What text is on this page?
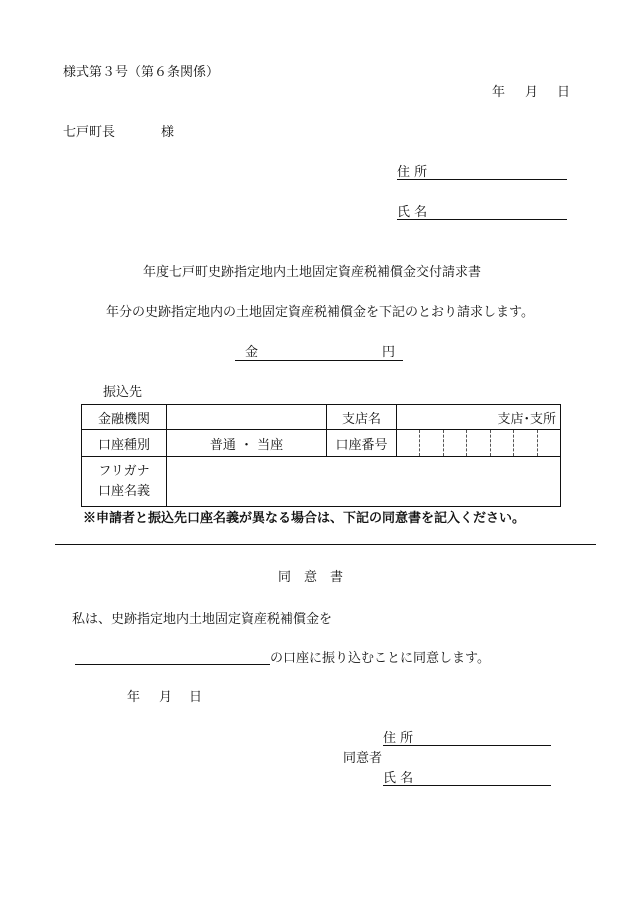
様式第３号（第６条関係）
年 月 日
七戸町長	様
住 所
氏 名
年度七戸町史跡指定地内土地固定資産税補償金交付請求書
年分の史跡指定地内の土地固定資産税補償金を下記のとおり請求します。
金	円
振込先
金融機関		支店名	支店･支所
口座種別	普通 ・ 当座	口座番号	

フリガナ
口座名義			

※申請者と振込先口座名義が異なる場合は、下記の同意書を記入ください。
同　意　書
私は、史跡指定地内土地固定資産税補償金を
の口座に振り込むことに同意します。
年 月 日
住 所
同意者
氏 名
